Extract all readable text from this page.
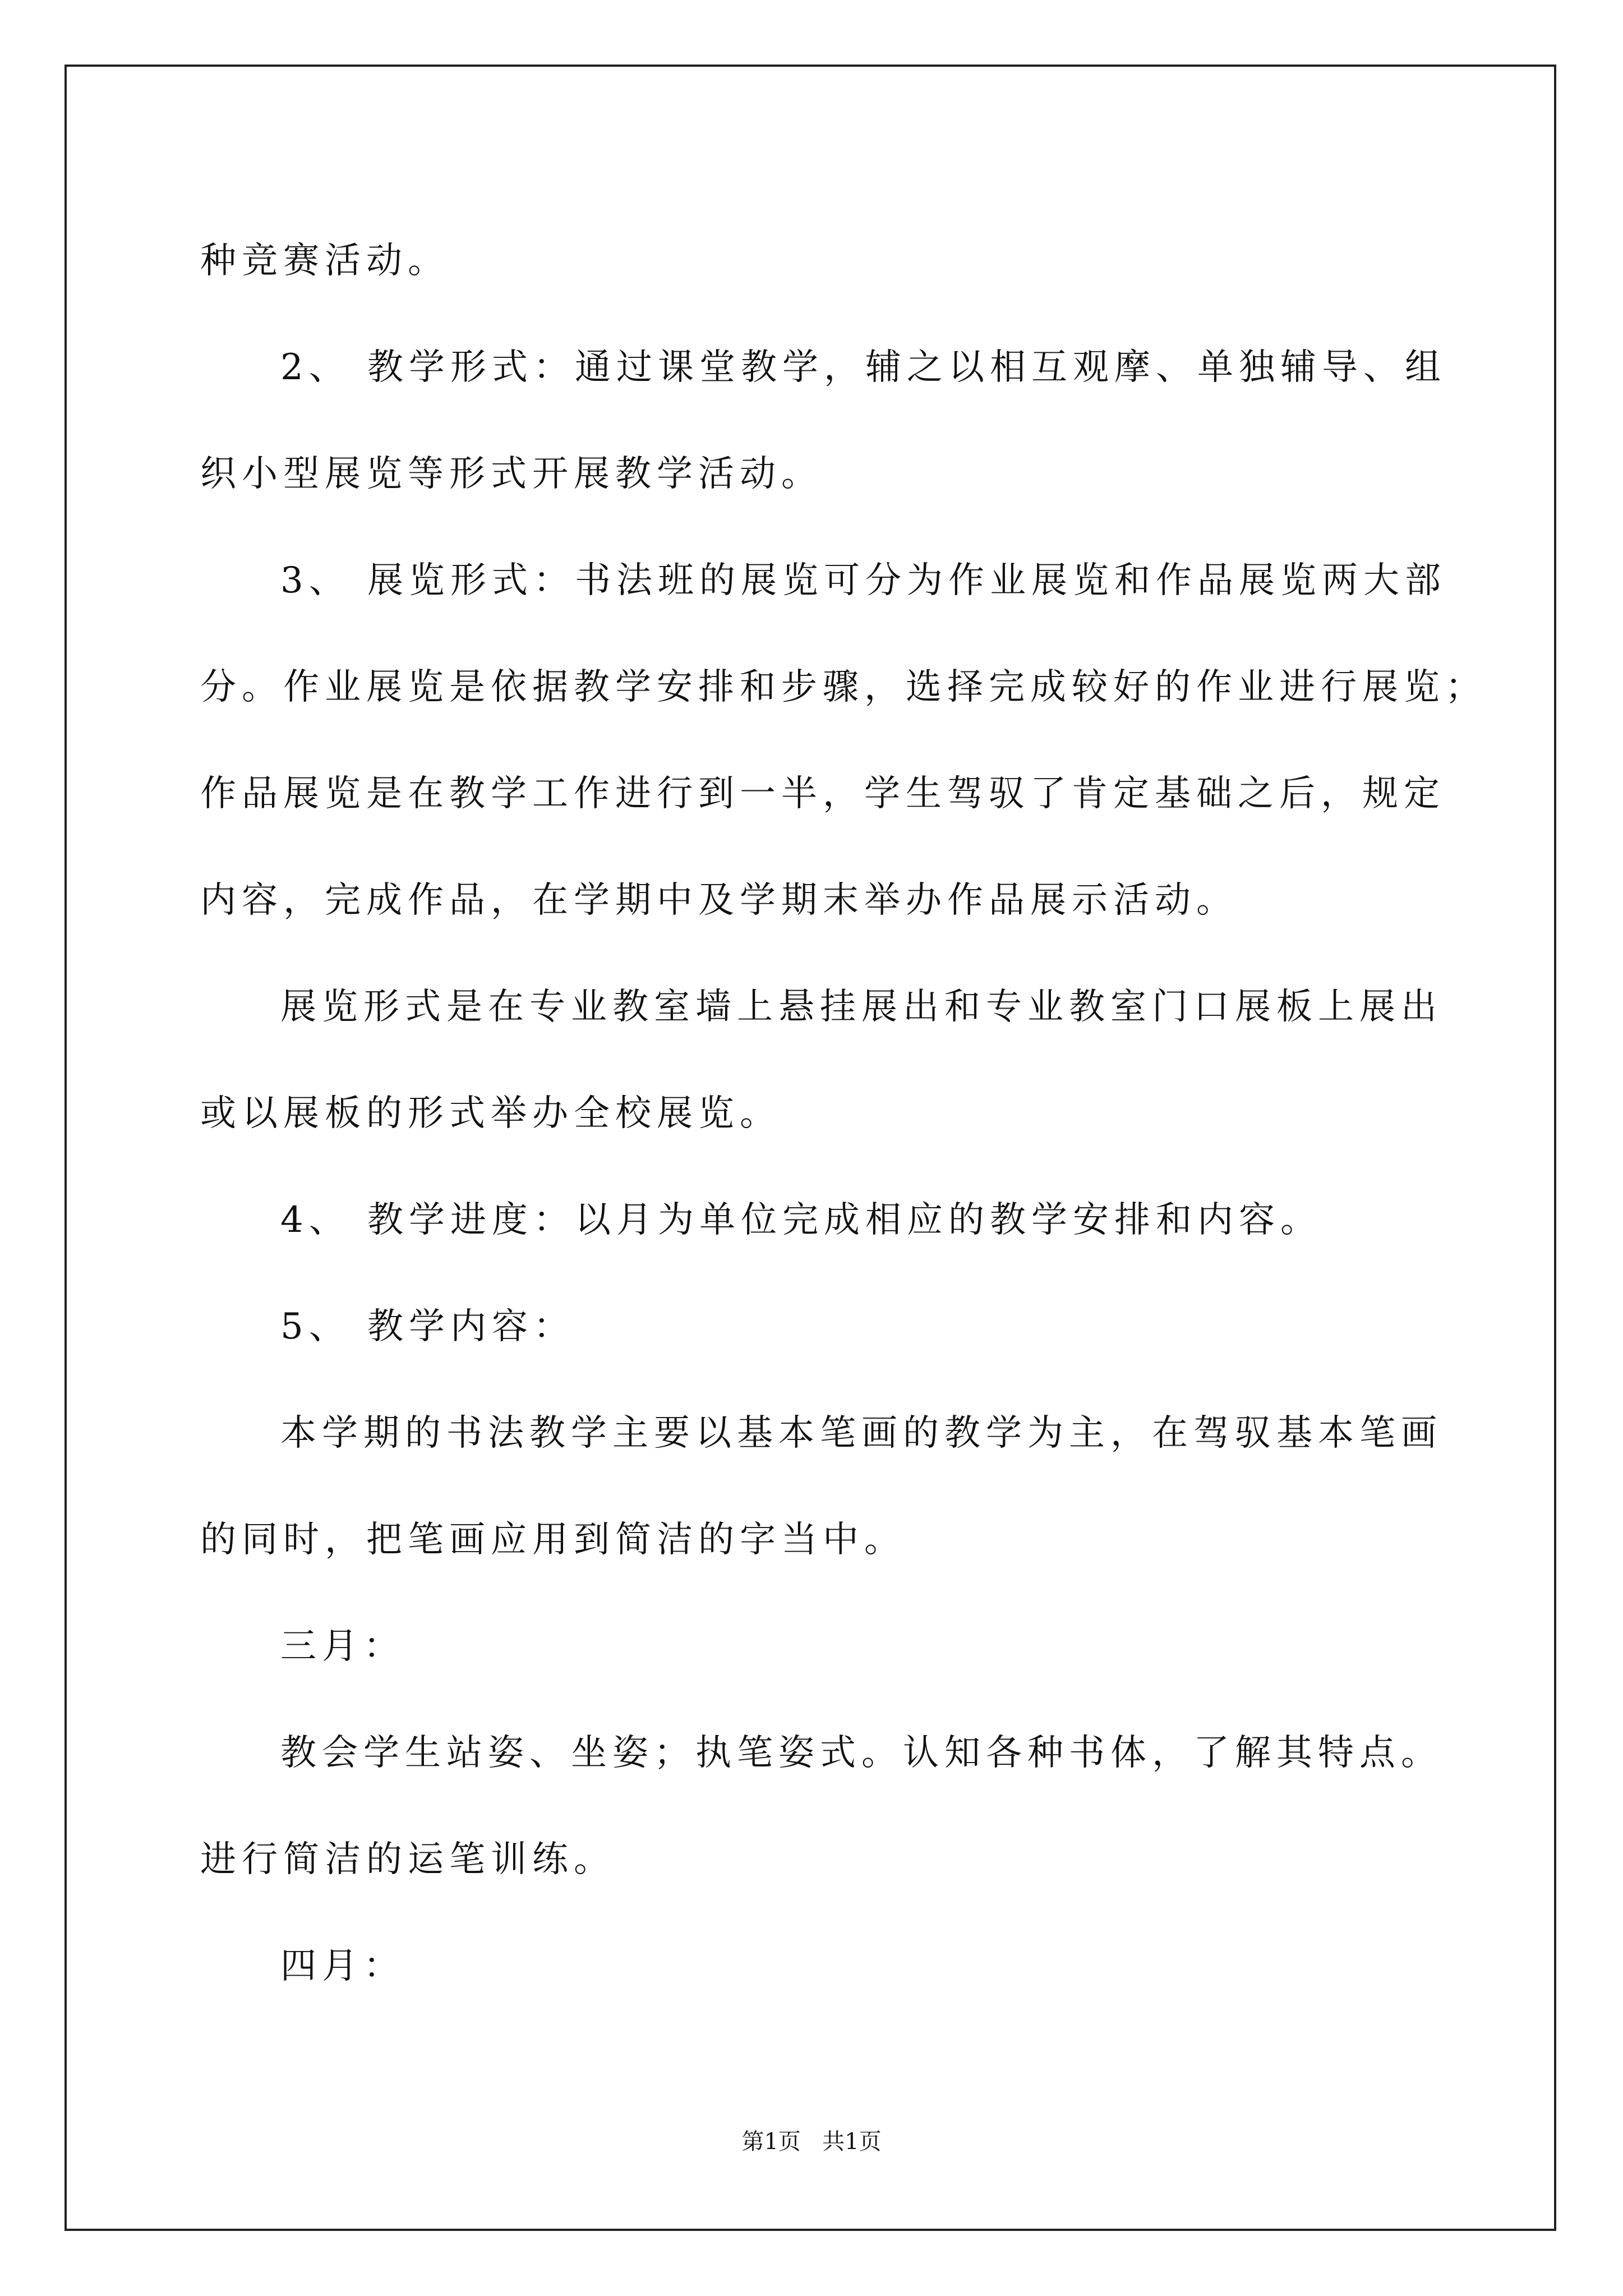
种竞赛活动。

2、 教学形式：通过课堂教学，辅之以相互观摩、单独辅导、组

织小型展览等形式开展教学活动。

3、 展览形式：书法班的展览可分为作业展览和作品展览两大部

分。作业展览是依据教学安排和步骤，选择完成较好的作业进行展览；

作品展览是在教学工作进行到一半，学生驾驭了肯定基础之后，规定

内容，完成作品，在学期中及学期末举办作品展示活动。

展览形式是在专业教室墙上悬挂展出和专业教室门口展板上展出

或以展板的形式举办全校展览。

4、 教学进度：以月为单位完成相应的教学安排和内容。

5、 教学内容：

本学期的书法教学主要以基本笔画的教学为主，在驾驭基本笔画

的同时，把笔画应用到简洁的字当中。

三月：

教会学生站姿、坐姿；执笔姿式。认知各种书体，了解其特点。

进行简洁的运笔训练。

四月：

第1页 共1页
